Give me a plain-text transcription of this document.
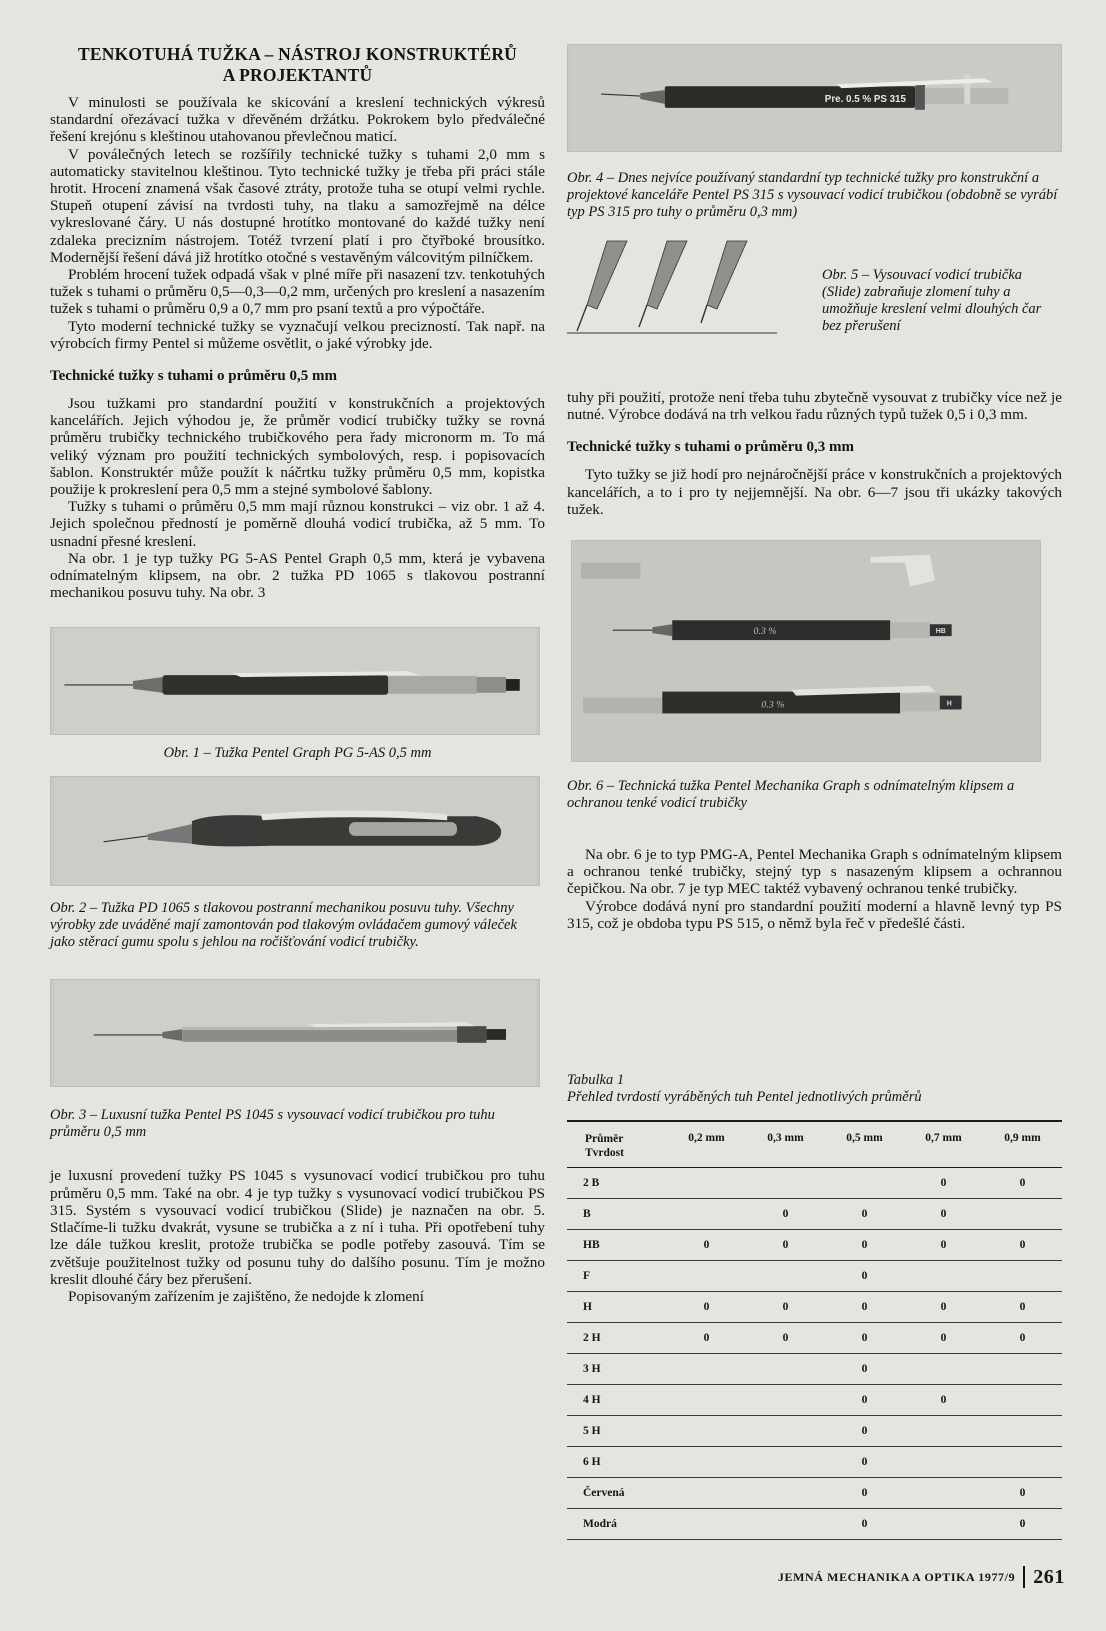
TENKOTUHÁ TUŽKA – NÁSTROJ KONSTRUKTÉRŮ
A PROJEKTANTŮ

V minulosti se používala ke skicování a kreslení technických výkresů standardní ořezávací tužka v dřevěném držátku. Pokrokem bylo předválečné řešení krejónu s kleštinou utahovanou převlečnou maticí.

V poválečných letech se rozšířily technické tužky s tuhami 2,0 mm s automaticky stavitelnou kleštinou. Tyto technické tužky je třeba při práci stále hrotit. Hrocení znamená však časové ztráty, protože tuha se otupí velmi rychle. Stupeň otupení závisí na tvrdosti tuhy, na tlaku a samozřejmě na délce vykreslované čáry. U nás dostupné hrotítko montované do každé tužky není zdaleka precizním nástrojem. Totéž tvrzení platí i pro čtyřboké brousítko. Modernější řešení dává již hrotítko otočné s vestavěným válcovitým pilníčkem.

Problém hrocení tužek odpadá však v plné míře při nasazení tzv. tenkotuhých tužek s tuhami o průměru 0,5—0,3—0,2 mm, určených pro kreslení a nasazením tužek s tuhami o průměru 0,9 a 0,7 mm pro psaní textů a pro výpočtáře.

Tyto moderní technické tužky se vyznačují velkou precizností. Tak např. na výrobcích firmy Pentel si můžeme osvětlit, o jaké výrobky jde.

Technické tužky s tuhami o průměru 0,5 mm

Jsou tužkami pro standardní použití v konstrukčních a projektových kancelářích. Jejich výhodou je, že průměr vodicí trubičky tužky se rovná průměru trubičky technického trubičkového pera řady micronorm m. To má veliký význam pro použití technických symbolových, resp. i popisovacích šablon. Konstruktér může použít k náčrtku tužky průměru 0,5 mm, kopistka použije k prokreslení pera 0,5 mm a stejné symbolové šablony.

Tužky s tuhami o průměru 0,5 mm mají různou konstrukci – viz obr. 1 až 4. Jejich společnou předností je poměrně dlouhá vodicí trubička, až 5 mm. To usnadní přesné kreslení.

Na obr. 1 je typ tužky PG 5-AS Pentel Graph 0,5 mm, která je vybavena odnímatelným klipsem, na obr. 2 tužka PD 1065 s tlakovou postranní mechanikou posuvu tuhy. Na obr. 3

Obr. 1 – Tužka Pentel Graph PG 5-AS 0,5 mm
Obr. 2 – Tužka PD 1065 s tlakovou postranní mechanikou posuvu tuhy. Všechny výrobky zde uváděné mají zamontován pod tlakovým ovládačem gumový váleček jako stěrací gumu spolu s jehlou na ročišťování vodicí trubičky.
Obr. 3 – Luxusní tužka Pentel PS 1045 s vysouvací vodicí trubičkou pro tuhu průměru 0,5 mm

je luxusní provedení tužky PS 1045 s vysunovací vodicí trubičkou pro tuhu průměru 0,5 mm. Také na obr. 4 je typ tužky s vysunovací vodicí trubičkou PS 315. Systém s vysouvací vodicí trubičkou (Slide) je naznačen na obr. 5. Stlačíme-li tužku dvakrát, vysune se trubička a z ní i tuha. Při opotřebení tuhy lze dále tužkou kreslit, protože trubička se podle potřeby zasouvá. Tím se zvětšuje použitelnost tužky od posunu tuhy do dalšího posunu. Tím je možno kreslit dlouhé čáry bez přerušení.

Popisovaným zařízením je zajištěno, že nedojde k zlomení

Pre. 0.5 % PS 315
Obr. 4 – Dnes nejvíce používaný standardní typ technické tužky pro konstrukční a projektové kanceláře Pentel PS 315 s vysouvací vodicí trubičkou (obdobně se vyrábí typ PS 315 pro tuhy o průměru 0,3 mm)
Obr. 5 – Vysouvací vodicí trubička (Slide) zabraňuje zlomení tuhy a umožňuje kreslení velmi dlouhých čar bez přerušení

tuhy při použití, protože není třeba tuhu zbytečně vysouvat z trubičky více než je nutné. Výrobce dodává na trh velkou řadu různých typů tužek 0,5 i 0,3 mm.

Technické tužky s tuhami o průměru 0,3 mm

Tyto tužky se již hodí pro nejnáročnější práce v konstrukčních a projektových kancelářích, a to i pro ty nejjemnější. Na obr. 6—7 jsou tři ukázky takových tužek.

HB
0.3 %
H
0.3 %
Obr. 6 – Technická tužka Pentel Mechanika Graph s odnímatelným klipsem a ochranou tenké vodicí trubičky

Na obr. 6 je to typ PMG-A, Pentel Mechanika Graph s odnímatelným klipsem a ochranou tenké trubičky, stejný typ s nasazeným klipsem a ochrannou čepičkou. Na obr. 7 je typ MEC taktéž vybavený ochranou tenké trubičky.

Výrobce dodává nyní pro standardní použití moderní a hlavně levný typ PS 315, což je obdoba typu PS 515, o němž byla řeč v předešlé části.

Tabulka 1
Přehled tvrdostí vyráběných tuh Pentel jednotlivých průměrů
Průměr
Tvrdost	0,2 mm	0,3 mm	0,5 mm	0,7 mm	0,9 mm
2 B				0	0
B		0	0	0	
HB	0	0	0	0	0
F			0		
H	0	0	0	0	0
2 H	0	0	0	0	0
3 H			0		
4 H			0	0	
5 H			0		
6 H			0		
Červená			0		0
Modrá			0		0
JEMNÁ MECHANIKA A OPTIKA 1977/9 261
